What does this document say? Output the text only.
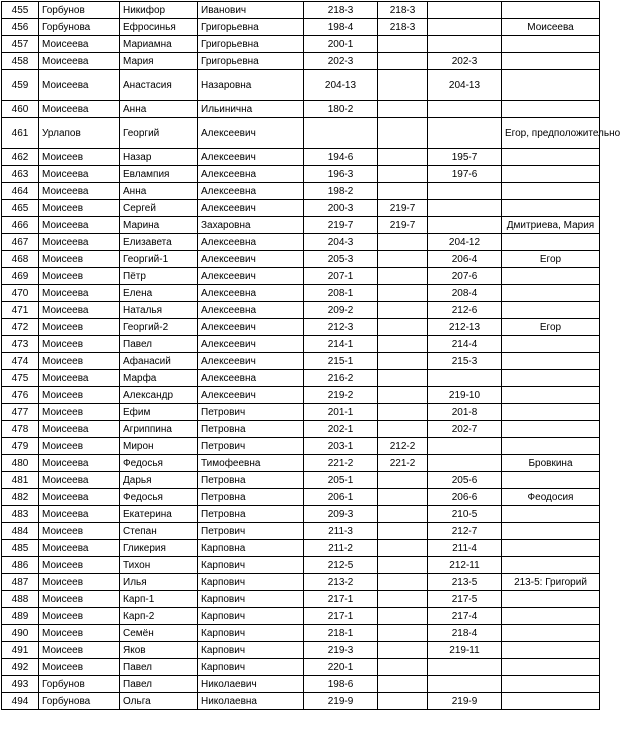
455	Горбунов	Никифор	Иванович	218-3	218-3		
456	Горбунова	Ефросинья	Григорьевна	198-4	218-3		Моисеева
457	Моисеева	Мариамна	Григорьевна	200-1			
458	Моисеева	Мария	Григорьевна	202-3		202-3	
459	Моисеева	Анастасия	Назаровна	204-13		204-13	
460	Моисеева	Анна	Ильинична	180-2			
461	Урлапов	Георгий	Алексеевич				Егор, предположительно
462	Моисеев	Назар	Алексеевич	194-6		195-7	
463	Моисеева	Евлампия	Алексеевна	196-3		197-6	
464	Моисеева	Анна	Алексеевна	198-2			
465	Моисеев	Сергей	Алексеевич	200-3	219-7		
466	Моисеева	Марина	Захаровна	219-7	219-7		Дмитриева, Мария
467	Моисеева	Елизавета	Алексеевна	204-3		204-12	
468	Моисеев	Георгий-1	Алексеевич	205-3		206-4	Егор
469	Моисеев	Пётр	Алексеевич	207-1		207-6	
470	Моисеева	Елена	Алексеевна	208-1		208-4	
471	Моисеева	Наталья	Алексеевна	209-2		212-6	
472	Моисеев	Георгий-2	Алексеевич	212-3		212-13	Егор
473	Моисеев	Павел	Алексеевич	214-1		214-4	
474	Моисеев	Афанасий	Алексеевич	215-1		215-3	
475	Моисеева	Марфа	Алексеевна	216-2			
476	Моисеев	Александр	Алексеевич	219-2		219-10	
477	Моисеев	Ефим	Петрович	201-1		201-8	
478	Моисеева	Агриппина	Петровна	202-1		202-7	
479	Моисеев	Мирон	Петрович	203-1	212-2		
480	Моисеева	Федосья	Тимофеевна	221-2	221-2		Бровкина
481	Моисеева	Дарья	Петровна	205-1		205-6	
482	Моисеева	Федосья	Петровна	206-1		206-6	Феодосия
483	Моисеева	Екатерина	Петровна	209-3		210-5	
484	Моисеев	Степан	Петрович	211-3		212-7	
485	Моисеева	Гликерия	Карповна	211-2		211-4	
486	Моисеев	Тихон	Карпович	212-5		212-11	
487	Моисеев	Илья	Карпович	213-2		213-5	213-5: Григорий
488	Моисеев	Карп-1	Карпович	217-1		217-5	
489	Моисеев	Карп-2	Карпович	217-1		217-4	
490	Моисеев	Семён	Карпович	218-1		218-4	
491	Моисеев	Яков	Карпович	219-3		219-11	
492	Моисеев	Павел	Карпович	220-1			
493	Горбунов	Павел	Николаевич	198-6			
494	Горбунова	Ольга	Николаевна	219-9		219-9	
